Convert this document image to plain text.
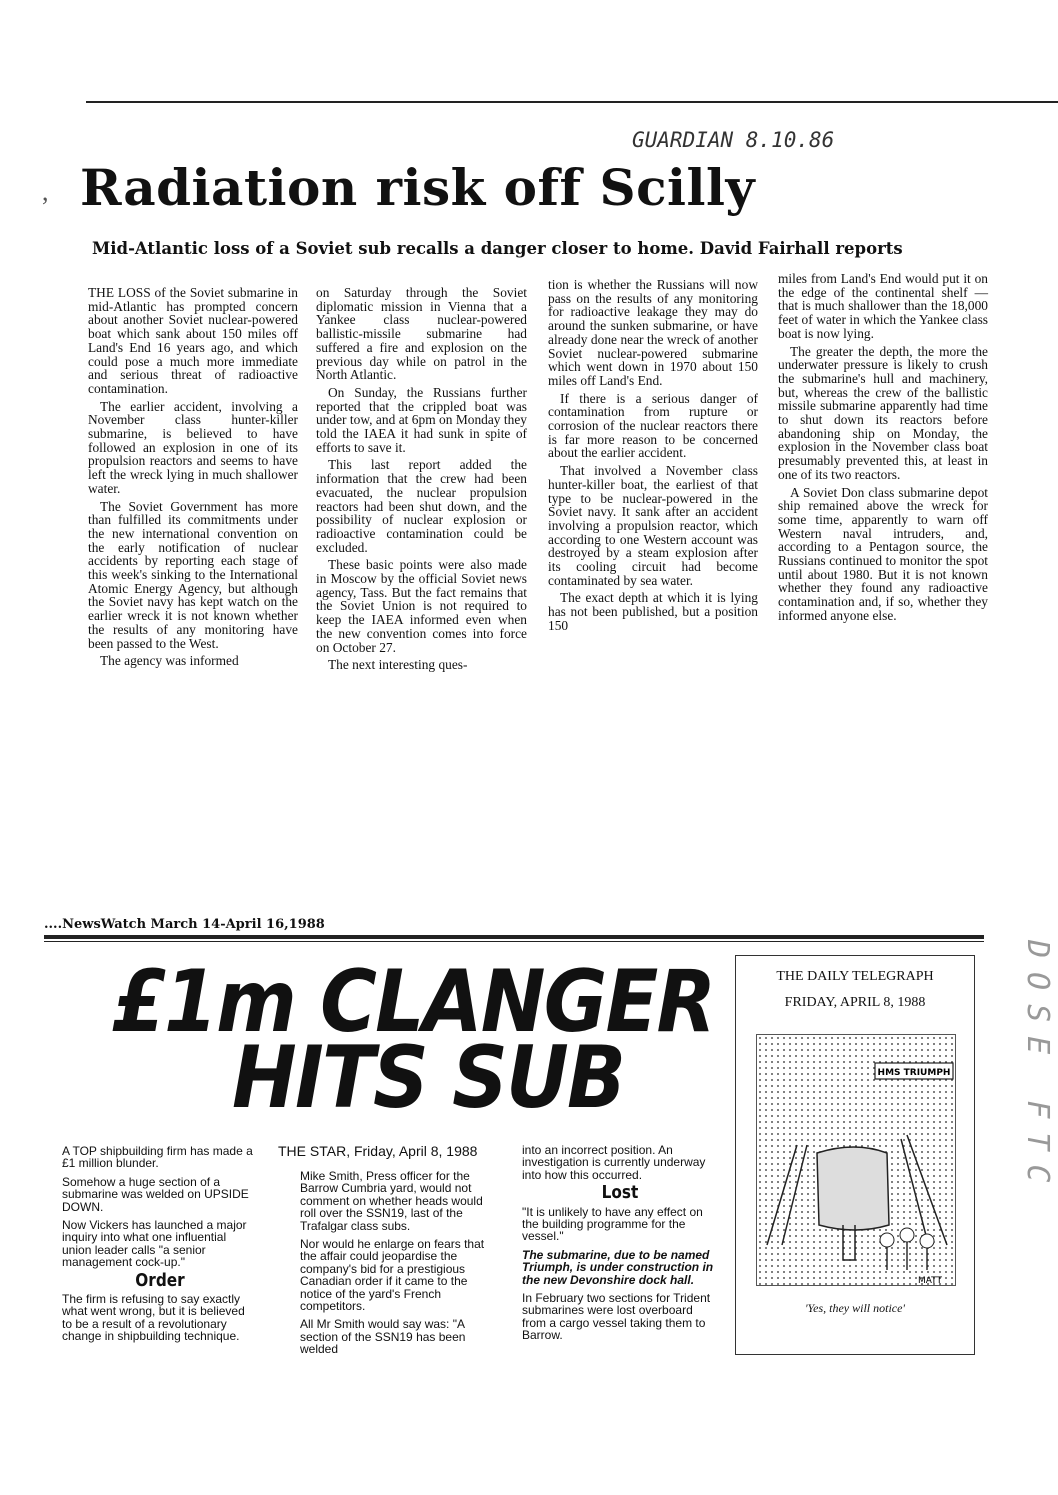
GUARDIAN 8.10.86
, Radiation risk off Scilly
Mid-Atlantic loss of a Soviet sub recalls a danger closer to home. David Fairhall reports

THE LOSS of the Soviet submarine in mid-Atlantic has prompted concern about another Soviet nuclear-powered boat which sank about 150 miles off Land's End 16 years ago, and which could pose a much more immediate and serious threat of radioactive contamination.

The earlier accident, involving a November class hunter-killer submarine, is believed to have followed an explosion in one of its propulsion reactors and seems to have left the wreck lying in much shallower water.

The Soviet Government has more than fulfilled its commitments under the new international convention on the early notification of nuclear accidents by reporting each stage of this week's sinking to the International Atomic Energy Agency, but although the Soviet navy has kept watch on the earlier wreck it is not known whether the results of any monitoring have been passed to the West.

The agency was informed

on Saturday through the Soviet diplomatic mission in Vienna that a Yankee class nuclear-powered ballistic-missile submarine had suffered a fire and explosion on the previous day while on patrol in the North Atlantic.

On Sunday, the Russians further reported that the crippled boat was under tow, and at 6pm on Monday they told the IAEA it had sunk in spite of efforts to save it.

This last report added the information that the crew had been evacuated, the nuclear propulsion reactors had been shut down, and the possibility of nuclear explosion or radioactive contamination could be excluded.

These basic points were also made in Moscow by the official Soviet news agency, Tass. But the fact remains that the Soviet Union is not required to keep the IAEA informed even when the new convention comes into force on October 27.

The next interesting ques-

tion is whether the Russians will now pass on the results of any monitoring for radioactive leakage they may do around the sunken submarine, or have already done near the wreck of another Soviet nuclear-powered submarine which went down in 1970 about 150 miles off Land's End.

If there is a serious danger of contamination from rupture or corrosion of the nuclear reactors there is far more reason to be concerned about the earlier accident.

That involved a November class hunter-killer boat, the earliest of that type to be nuclear-powered in the Soviet navy. It sank after an accident involving a propulsion reactor, which according to one Western account was destroyed by a steam explosion after its cooling circuit had become contaminated by sea water.

The exact depth at which it is lying has not been published, but a position 150

miles from Land's End would put it on the edge of the continental shelf — that is much shallower than the 18,000 feet of water in which the Yankee class boat is now lying.

The greater the depth, the more the underwater pressure is likely to crush the submarine's hull and machinery, but, whereas the crew of the ballistic missile submarine apparently had time to shut down its reactors before abandoning ship on Monday, the explosion in the November class boat presumably prevented this, at least in one of its two reactors.

A Soviet Don class submarine depot ship remained above the wreck for some time, apparently to warn off Western naval intruders, and, according to a Pentagon source, the Russians continued to monitor the spot until about 1980. But it is not known whether they found any radioactive contamination and, if so, whether they informed anyone else.

....NewsWatch March 14-April 16,1988
£1m CLANGER
HITS SUB
THE STAR, Friday, April 8, 1988

A TOP shipbuilding firm has made a £1 million blunder.

Somehow a huge section of a submarine was welded on UPSIDE DOWN.

Now Vickers has launched a major inquiry into what one influential union leader calls "a senior management cock-up."

Order

The firm is refusing to say exactly what went wrong, but it is believed to be a result of a revolutionary change in shipbuilding technique.

Mike Smith, Press officer for the Barrow Cumbria yard, would not comment on whether heads would roll over the SSN19, last of the Trafalgar class subs.

Nor would he enlarge on fears that the affair could jeopardise the company's bid for a prestigious Canadian order if it came to the notice of the yard's French competitors.

All Mr Smith would say was: "A section of the SSN19 has been welded

into an incorrect position. An investigation is currently underway into how this occurred.

Lost

"It is unlikely to have any effect on the building programme for the vessel."

The submarine, due to be named Triumph, is under construction in the new Devonshire dock hall.

In February two sections for Trident submarines were lost overboard from a cargo vessel taking them to Barrow.

THE DAILY TELEGRAPH
FRIDAY, APRIL 8, 1988
HMS TRIUMPH
MATT
'Yes, they will notice'
DOSE FTC
